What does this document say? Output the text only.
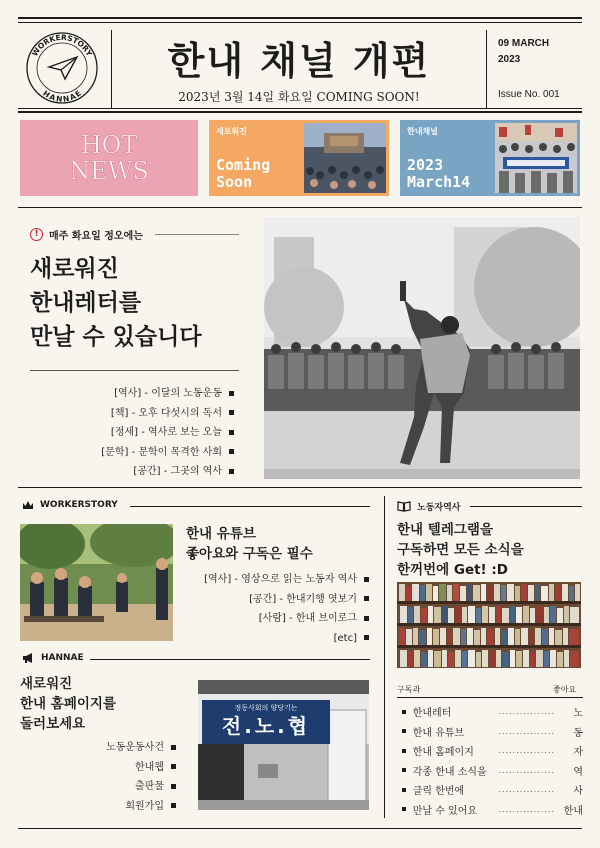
WORKERSTORY
HANNAE
한내 채널 개편
2023년 3월 14일 화요일 COMING SOON!
09 MARCH
2023
Issue No. 001
HOT
NEWS
새로워진
Coming
Soon
한내채널
2023
March14
!	매주 화요일 정오에는
새로워진
한내레터를
만날 수 있습니다
[역사] - 이달의 노동운동
[책] - 오후 다섯시의 독서
[정세] - 역사로 보는 오늘
[문학] - 문학이 목격한 사회
[공간] - 그곳의 역사
WORKERSTORY
한내 유튜브
좋아요와 구독은 필수
[역사] - 영상으로 읽는 노동자 역사
[공간] - 한내기행 엿보기
[사람] - 한내 브이로그
[etc]
HANNAE
새로워진
한내 홈페이지를
둘러보세요
노동운동사건
한내웹
출판물
회원가입
정동사회의 양당기는
전.노.협
노동자역사
한내 텔레그램을
구독하면 모든 소식을
한꺼번에 Get! :D
구독과	좋아요
한내레터	................	노
한내 유튜브	................	동
한내 홈페이지	................	자
각종 한내 소식을	................	역
클릭 한번에	................	사
만날 수 있어요	................ 한내
